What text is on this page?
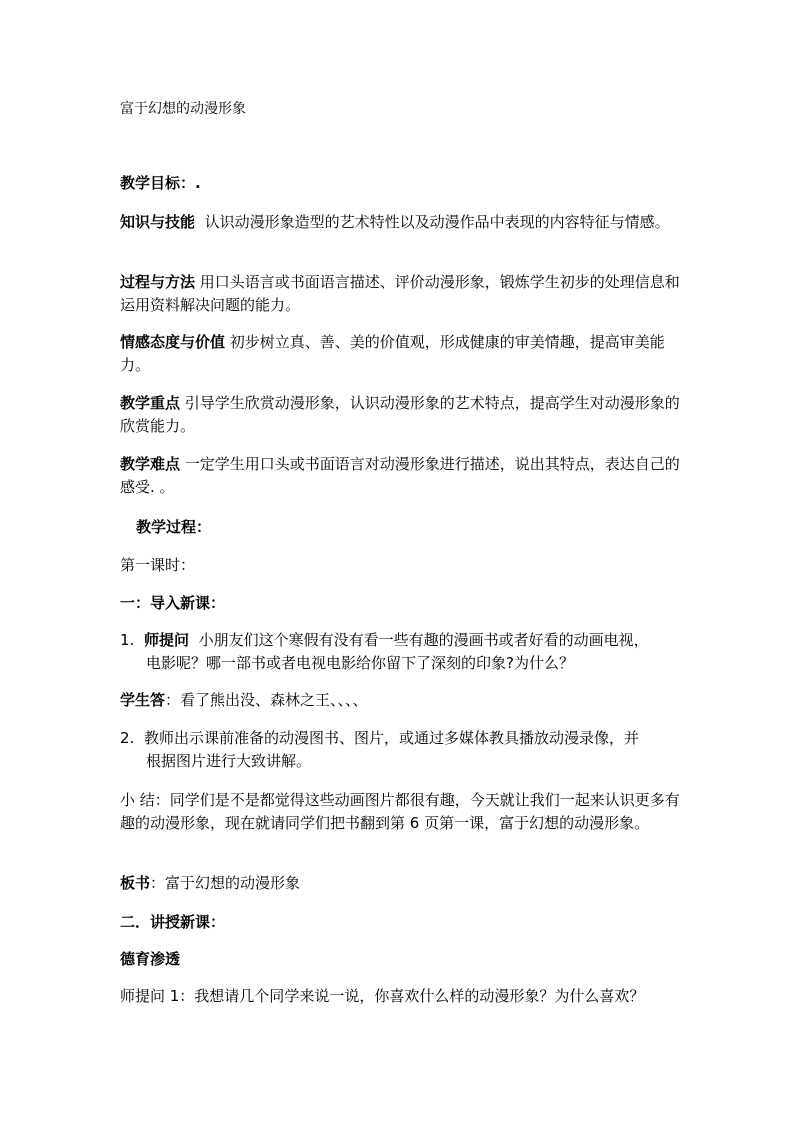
富于幻想的动漫形象
教学目标：.
知识与技能 认识动漫形象造型的艺术特性以及动漫作品中表现的内容特征与情感。
过程与方法 用口头语言或书面语言描述、评价动漫形象，锻炼学生初步的处理信息和运用资料解决问题的能力。
情感态度与价值 初步树立真、善、美的价值观，形成健康的审美情趣，提高审美能力。
教学重点 引导学生欣赏动漫形象，认识动漫形象的艺术特点，提高学生对动漫形象的欣赏能力。
教学难点 一定学生用口头或书面语言对动漫形象进行描述，说出其特点，表达自己的感受. 。
教学过程：
第一课时：
一：导入新课：
1. 师提问 小朋友们这个寒假有没有看一些有趣的漫画书或者好看的动画电视，
电影呢？哪一部书或者电视电影给你留下了深刻的印象?为什么？
学生答：看了熊出没、森林之王、、、、
2. 教师出示课前准备的动漫图书、图片，或通过多媒体教具播放动漫录像，并
根据图片进行大致讲解。
小 结：同学们是不是都觉得这些动画图片都很有趣，今天就让我们一起来认识更多有趣的动漫形象，现在就请同学们把书翻到第 6 页第一课，富于幻想的动漫形象。
板书：富于幻想的动漫形象
二．讲授新课：
德育渗透
师提问 1：我想请几个同学来说一说，你喜欢什么样的动漫形象？为什么喜欢？
